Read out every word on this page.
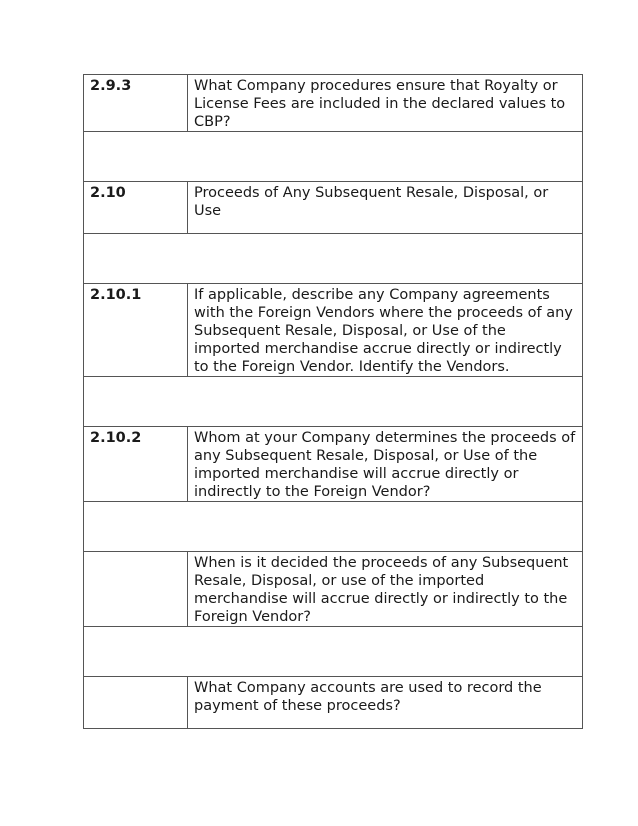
2.9.3	What Company procedures ensure that Royalty or License Fees are included in the declared values to CBP?

2.10	Proceeds of Any Subsequent Resale, Disposal, or Use

2.10.1	If applicable, describe any Company agreements with the Foreign Vendors where the proceeds of any Subsequent Resale, Disposal, or Use of the imported merchandise accrue directly or indirectly to the Foreign Vendor. Identify the Vendors.

2.10.2	Whom at your Company determines the proceeds of any Subsequent Resale, Disposal, or Use of the imported merchandise will accrue directly or indirectly to the Foreign Vendor?

	When is it decided the proceeds of any Subsequent Resale, Disposal, or use of the imported merchandise will accrue directly or indirectly to the Foreign Vendor?

	What Company accounts are used to record the payment of these proceeds?
